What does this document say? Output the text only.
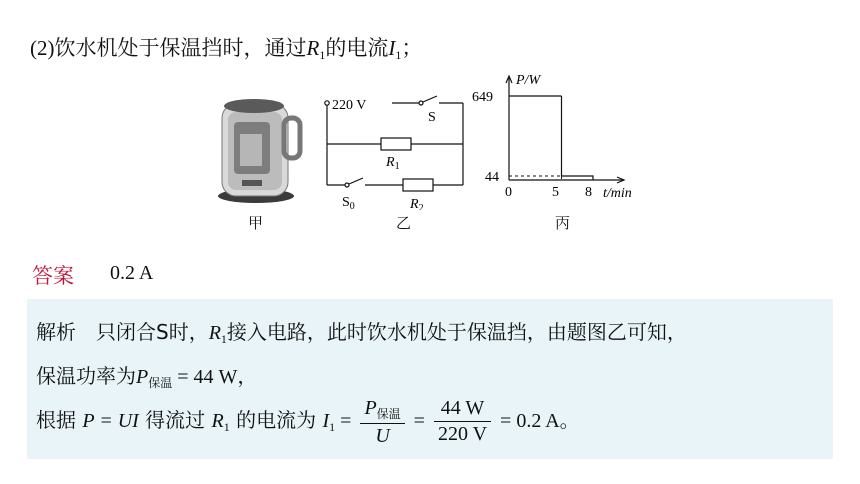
(2)饮水机处于保温挡时，通过$R_1$的电流$I_1$；
甲
220 V
S
$R_1$
$S_0$	$R_2$
乙
P/W
649
44
0	5 8 t/min
丙
答案 0.2 A
解析 只闭合S时，$R_1$接入电路，此时饮水机处于保温挡，由题图乙可知，
保温功率为$P_{保温} = 44$ W，
根据 P = UI 得流过 $R_1$ 的电流为 $I_1 = \frac{P_{保温}}{U} = \frac{44 W}{220 V} = 0.2$ A。
